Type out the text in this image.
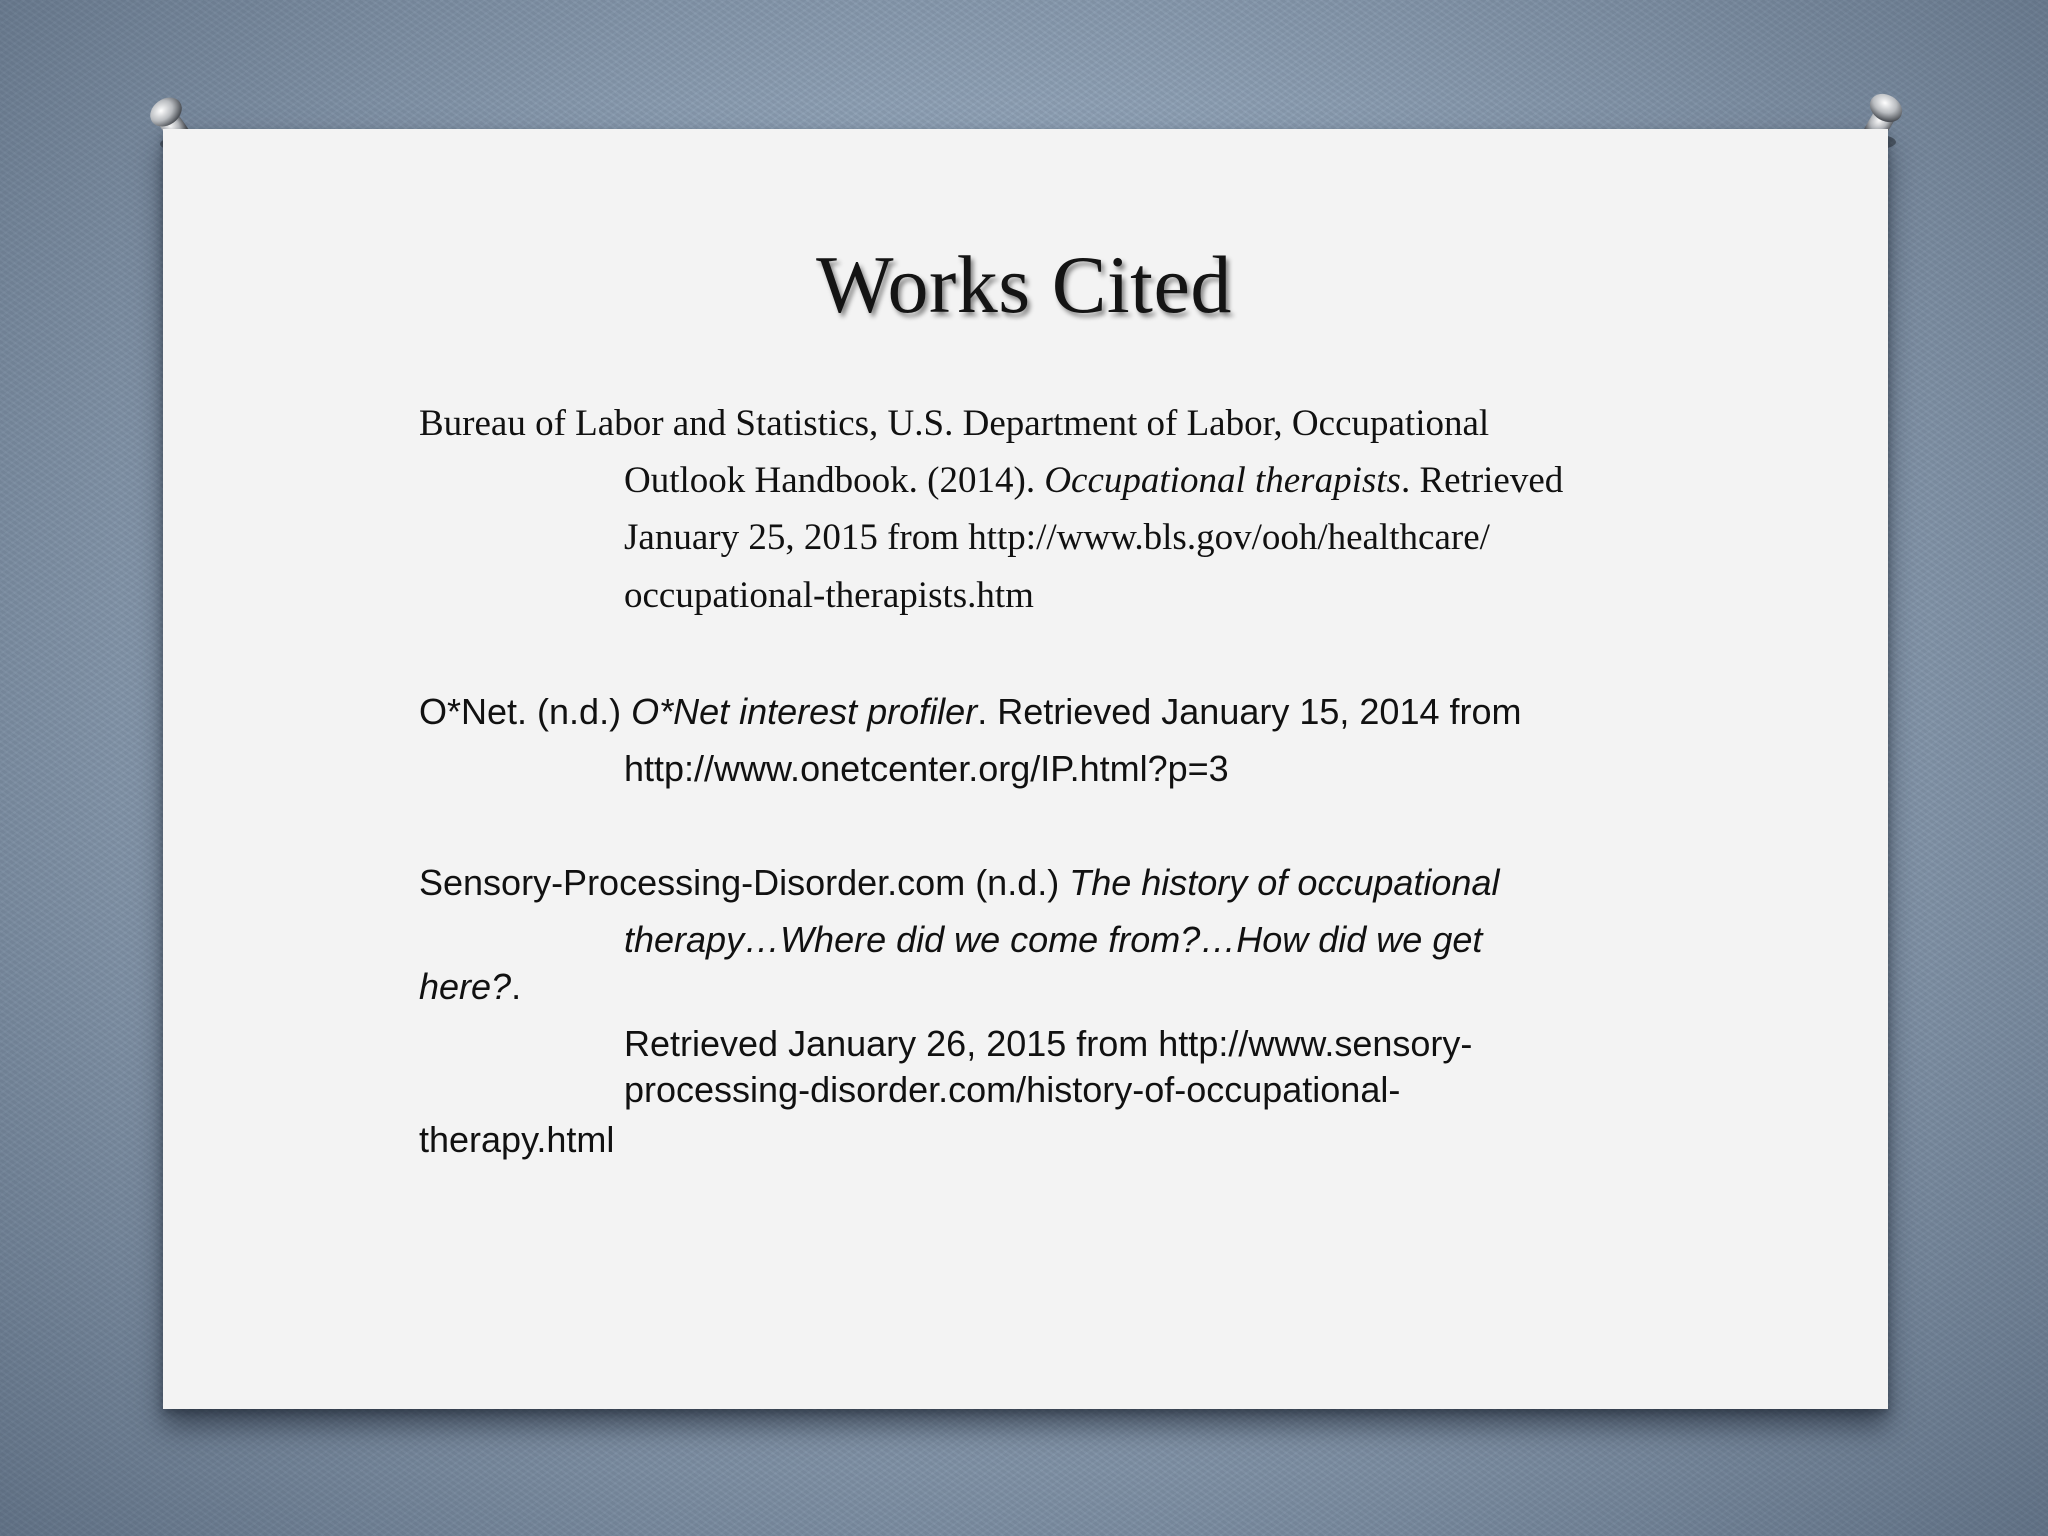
Works Cited
Bureau of Labor and Statistics, U.S. Department of Labor, Occupational
Outlook Handbook. (2014). Occupational therapists. Retrieved
January 25, 2015 from http://www.bls.gov/ooh/healthcare/
occupational-therapists.htm
O*Net. (n.d.) O*Net interest profiler. Retrieved January 15, 2014 from
http://www.onetcenter.org/IP.html?p=3
Sensory-Processing-Disorder.com (n.d.) The history of occupational
therapy…Where did we come from?…How did we get
here?.
Retrieved January 26, 2015 from http://www.sensory-
processing-disorder.com/history-of-occupational-
therapy.html
